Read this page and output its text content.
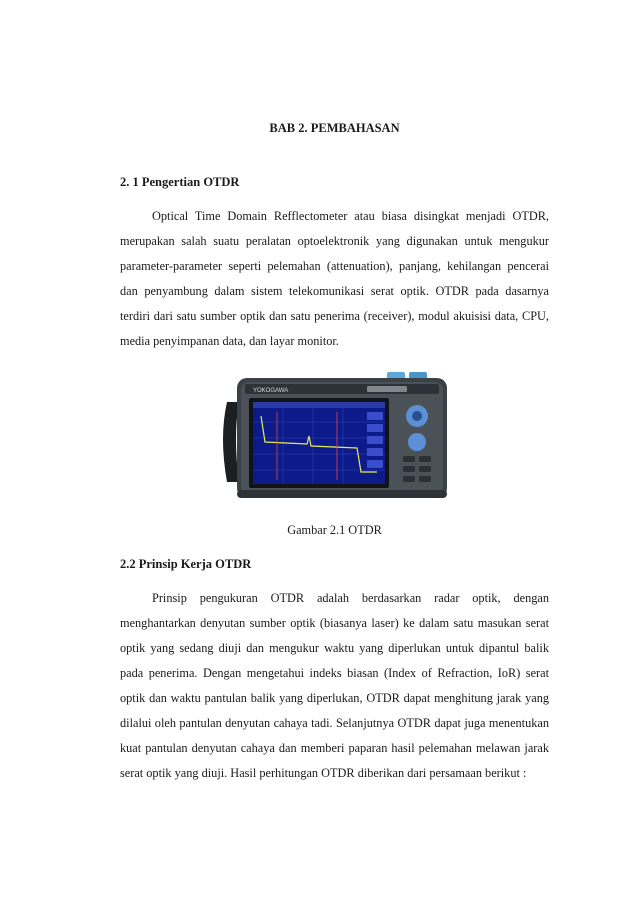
BAB 2. PEMBAHASAN
2. 1 Pengertian OTDR

Optical Time Domain Refflectometer atau biasa disingkat menjadi OTDR, merupakan salah suatu peralatan optoelektronik yang digunakan untuk mengukur parameter-parameter seperti pelemahan (attenuation), panjang, kehilangan pencerai dan penyambung dalam sistem telekomunikasi serat optik. OTDR pada dasarnya terdiri dari satu sumber optik dan satu penerima (receiver), modul akuisisi data, CPU, media penyimpanan data, dan layar monitor.

YOKOGAWA

Gambar 2.1 OTDR

2.2 Prinsip Kerja OTDR

Prinsip pengukuran OTDR adalah berdasarkan radar optik, dengan menghantarkan denyutan sumber optik (biasanya laser) ke dalam satu masukan serat optik yang sedang diuji dan mengukur waktu yang diperlukan untuk dipantul balik pada penerima. Dengan mengetahui indeks biasan (Index of Refraction, IoR) serat optik dan waktu pantulan balik yang diperlukan, OTDR dapat menghitung jarak yang dilalui oleh pantulan denyutan cahaya tadi. Selanjutnya OTDR dapat juga menentukan kuat pantulan denyutan cahaya dan memberi paparan hasil pelemahan melawan jarak serat optik yang diuji. Hasil perhitungan OTDR diberikan dari persamaan berikut :
